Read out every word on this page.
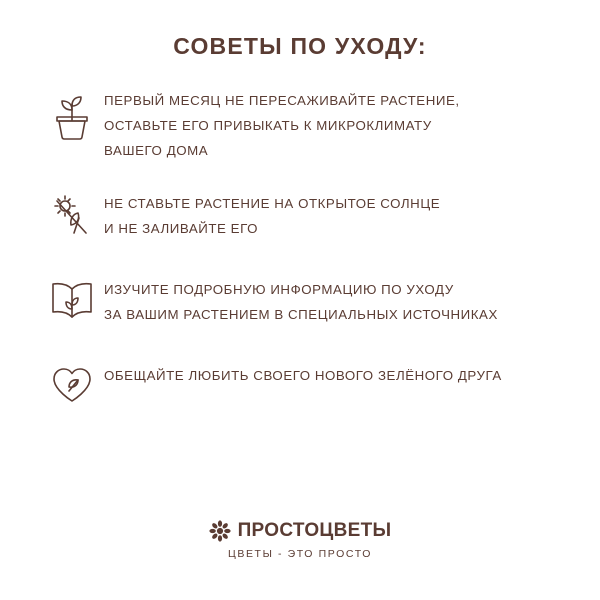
СОВЕТЫ ПО УХОДУ:
ПЕРВЫЙ МЕСЯЦ НЕ ПЕРЕСАЖИВАЙТЕ РАСТЕНИЕ,
ОСТАВЬТЕ ЕГО ПРИВЫКАТЬ К МИКРОКЛИМАТУ
ВАШЕГО ДОМА
НЕ СТАВЬТЕ РАСТЕНИЕ НА ОТКРЫТОЕ СОЛНЦЕ
И НЕ ЗАЛИВАЙТЕ ЕГО
ИЗУЧИТЕ ПОДРОБНУЮ ИНФОРМАЦИЮ ПО УХОДУ
ЗА ВАШИМ РАСТЕНИЕМ В СПЕЦИАЛЬНЫХ ИСТОЧНИКАХ
ОБЕЩАЙТЕ ЛЮБИТЬ СВОЕГО НОВОГО ЗЕЛЁНОГО ДРУГА
ПРОСТОЦВЕТЫ
ЦВЕТЫ - ЭТО ПРОСТО
